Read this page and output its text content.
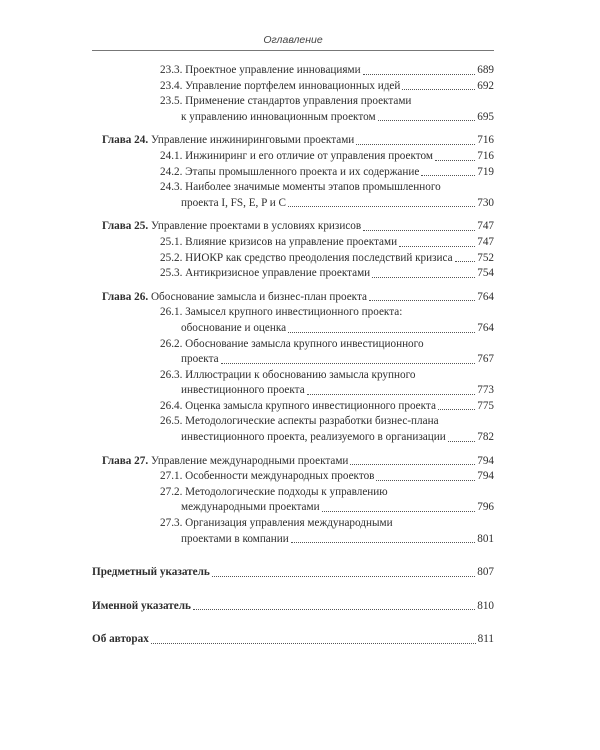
Оглавление
23.3. Проектное управление инновациями	689
23.4. Управление портфелем инновационных идей	692
23.5. Применение стандартов управления проектами
к управлению инновационным проектом	695
Глава 24. Управление инжиниринговыми проектами	716
24.1. Инжиниринг и его отличие от управления проектом	716
24.2. Этапы промышленного проекта и их содержание	719
24.3. Наиболее значимые моменты этапов промышленного
проекта I, FS, E, P и C	730
Глава 25. Управление проектами в условиях кризисов	747
25.1. Влияние кризисов на управление проектами	747
25.2. НИОКР как средство преодоления последствий кризиса 752
25.3. Антикризисное управление проектами	754
Глава 26. Обоснование замысла и бизнес-план проекта	764
26.1. Замысел крупного инвестиционного проекта:
обоснование и оценка	764
26.2. Обоснование замысла крупного инвестиционного
проекта	767
26.3. Иллюстрации к обоснованию замысла крупного
инвестиционного проекта	773
26.4. Оценка замысла крупного инвестиционного проекта	775
26.5. Методологические аспекты разработки бизнес-плана
инвестиционного проекта, реализуемого в организации	782
Глава 27. Управление международными проектами	794
27.1. Особенности международных проектов	794
27.2. Методологические подходы к управлению
международными проектами	796
27.3. Организация управления международными
проектами в компании	801
Предметный указатель	807
Именной указатель	810
Об авторах	811
